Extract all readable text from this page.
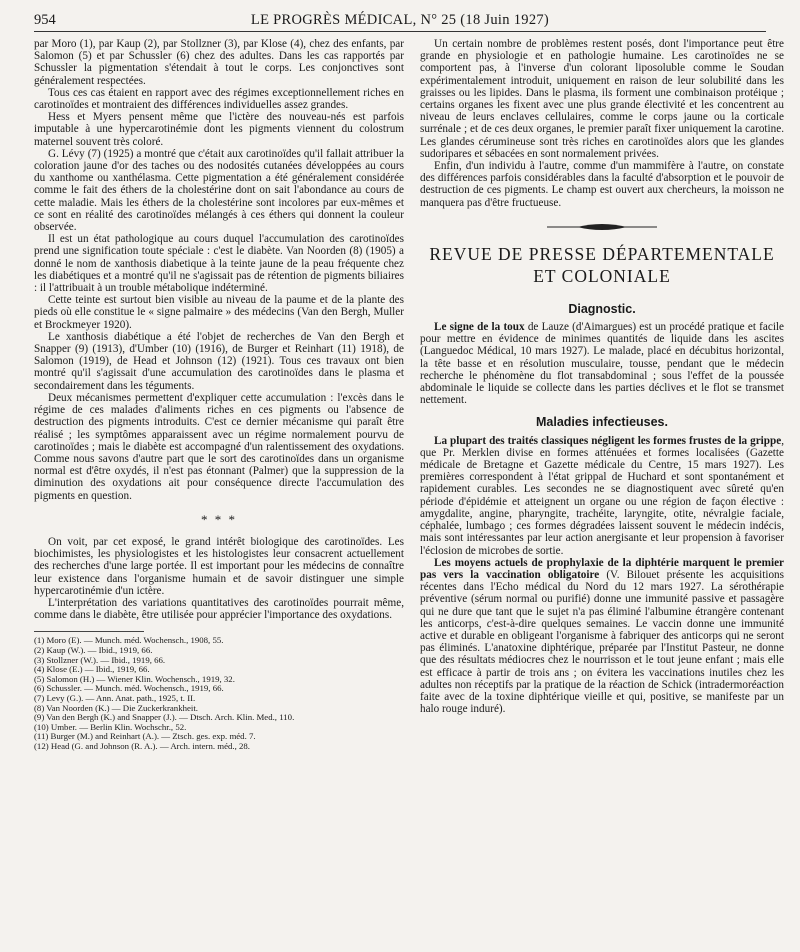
954	LE PROGRÈS MÉDICAL, N° 25 (18 Juin 1927)

par Moro (1), par Kaup (2), par Stollzner (3), par Klose (4), chez des enfants, par Salomon (5) et par Schussler (6) chez des adultes. Dans les cas rapportés par Schussler la pigmentation s'étendait à tout le corps. Les conjonctives sont généralement respectées.

Tous ces cas étaient en rapport avec des régimes exceptionnellement riches en carotinoïdes et montraient des différences individuelles assez grandes.

Hess et Myers pensent même que l'ictère des nouveau-nés est parfois imputable à une hypercarotinémie dont les pigments viennent du colostrum maternel souvent très coloré.

G. Lévy (7) (1925) a montré que c'était aux carotinoïdes qu'il fallait attribuer la coloration jaune d'or des taches ou des nodosités cutanées développées au cours du xanthome ou xanthélasma. Cette pigmentation a été généralement considérée comme le fait des éthers de la cholestérine dont on sait l'abondance au cours de cette maladie. Mais les éthers de la cholestérine sont incolores par eux-mêmes et ce sont en réalité des carotinoïdes mélangés à ces éthers qui donnent la couleur observée.

Il est un état pathologique au cours duquel l'accumulation des carotinoïdes prend une signification toute spéciale : c'est le diabète. Van Noorden (8) (1905) a donné le nom de xanthosis diabetique à la teinte jaune de la peau fréquente chez les diabétiques et a montré qu'il ne s'agissait pas de rétention de pigments biliaires : il l'attribuait à un trouble métabolique indéterminé.

Cette teinte est surtout bien visible au niveau de la paume et de la plante des pieds où elle constitue le « signe palmaire » des médecins (Van den Bergh, Muller et Brockmeyer 1920).

Le xanthosis diabétique a été l'objet de recherches de Van den Bergh et Snapper (9) (1913), d'Umber (10) (1916), de Burger et Reinhart (11) 1918), de Salomon (1919), de Head et Johnson (12) (1921). Tous ces travaux ont bien montré qu'il s'agissait d'une accumulation des carotinoïdes dans le plasma et secondairement dans les téguments.

Deux mécanismes permettent d'expliquer cette accumulation : l'excès dans le régime de ces malades d'aliments riches en ces pigments ou l'absence de destruction des pigments introduits. C'est ce dernier mécanisme qui paraît être réalisé ; les symptômes apparaissent avec un régime normalement pourvu de carotinoïdes ; mais le diabète est accompagné d'un ralentissement des oxydations. Comme nous savons d'autre part que le sort des carotinoïdes dans un organisme normal est d'être oxydés, il n'est pas étonnant (Palmer) que la suppression de la diminution des oxydations ait pour conséquence directe l'accumulation des pigments en question.

* * *

On voit, par cet exposé, le grand intérêt biologique des carotinoïdes. Les biochimistes, les physiologistes et les histologistes leur consacrent actuellement des recherches d'une large portée. Il est important pour les médecins de connaître leur existence dans l'organisme humain et de savoir distinguer une simple hypercarotinémie d'un ictère.

L'interprétation des variations quantitatives des carotinoïdes pourrait même, comme dans le diabète, être utilisée pour apprécier l'importance des oxydations.

(1) Moro (E). — Munch. méd. Wochensch., 1908, 55.
(2) Kaup (W.). — Ibid., 1919, 66.
(3) Stollzner (W.). — Ibid., 1919, 66.
(4) Klose (E.) — Ibid., 1919, 66.
(5) Salomon (H.) — Wiener Klin. Wochensch., 1919, 32.
(6) Schussler. — Munch. méd. Wochensch., 1919, 66.
(7) Levy (G.). — Ann. Anat. path., 1925, t. II.
(8) Van Noorden (K.) — Die Zuckerkrankheit.
(9) Van den Bergh (K.) and Snapper (J.). — Dtsch. Arch. Klin. Med., 110.
(10) Umber. — Berlin Klin. Wochschr., 52.
(11) Burger (M.) and Reinhart (A.). — Ztsch. ges. exp. méd. 7.
(12) Head (G. and Johnson (R. A.). — Arch. intern. méd., 28.

Un certain nombre de problèmes restent posés, dont l'importance peut être grande en physiologie et en pathologie humaine. Les carotinoïdes ne se comportent pas, à l'inverse d'un colorant liposoluble comme le Soudan expérimentalement introduit, uniquement en raison de leur solubilité dans les graisses ou les lipides. Dans le plasma, ils forment une combinaison protéique ; certains organes les fixent avec une plus grande électivité et les concentrent au niveau de leurs enclaves cellulaires, comme le corps jaune ou la corticale surrénale ; et de ces deux organes, le premier paraît fixer uniquement la carotine. Les glandes cérumineuse sont très riches en carotinoïdes alors que les glandes sudoripares et sébacées en sont normalement privées.

Enfin, d'un individu à l'autre, comme d'un mammifère à l'autre, on constate des différences parfois considérables dans la faculté d'absorption et le pouvoir de destruction de ces pigments. Le champ est ouvert aux chercheurs, la moisson ne manquera pas d'être fructueuse.

REVUE DE PRESSE DÉPARTEMENTALE
ET COLONIALE
Diagnostic.

Le signe de la toux de Lauze (d'Aimargues) est un procédé pratique et facile pour mettre en évidence de minimes quantités de liquide dans les ascites (Languedoc Médical, 10 mars 1927). Le malade, placé en décubitus horizontal, la tête basse et en résolution musculaire, tousse, pendant que le médecin recherche le phénomène du flot transabdominal ; sous l'effet de la poussée abdominale le liquide se collecte dans les parties déclives et le flot se transmet nettement.

Maladies infectieuses.

La plupart des traités classiques négligent les formes frustes de la grippe, que Pr. Merklen divise en formes atténuées et formes localisées (Gazette médicale de Bretagne et Gazette médicale du Centre, 15 mars 1927). Les premières correspondent à l'état grippal de Huchard et sont spontanément et rapidement curables. Les secondes ne se diagnostiquent avec sûreté qu'en période d'épidémie et atteignent un organe ou une région de façon élective : amygdalite, angine, pharyngite, trachéite, laryngite, otite, névralgie faciale, céphalée, lumbago ; ces formes dégradées laissent souvent le médecin indécis, mais sont intéressantes par leur action anergisante et leur propension à favoriser l'éclosion de microbes de sortie.

Les moyens actuels de prophylaxie de la diphtérie marquent le premier pas vers la vaccination obligatoire (V. Bilouet présente les acquisitions récentes dans l'Echo médical du Nord du 12 mars 1927. La sérothérapie préventive (sérum normal ou purifié) donne une immunité passive et passagère qui ne dure que tant que le sujet n'a pas éliminé l'albumine étrangère contenant les anticorps, c'est-à-dire quelques semaines. Le vaccin donne une immunité active et durable en obligeant l'organisme à fabriquer des anticorps qui ne seront pas éliminés. L'anatoxine diphtérique, préparée par l'Institut Pasteur, ne donne que des résultats médiocres chez le nourrisson et le tout jeune enfant ; mais elle est efficace à partir de trois ans ; on évitera les vaccinations inutiles chez les adultes non réceptifs par la pratique de la réaction de Schick (intradermoréaction faite avec de la toxine diphtérique vieille et qui, positive, se manifeste par un halo rouge induré).
